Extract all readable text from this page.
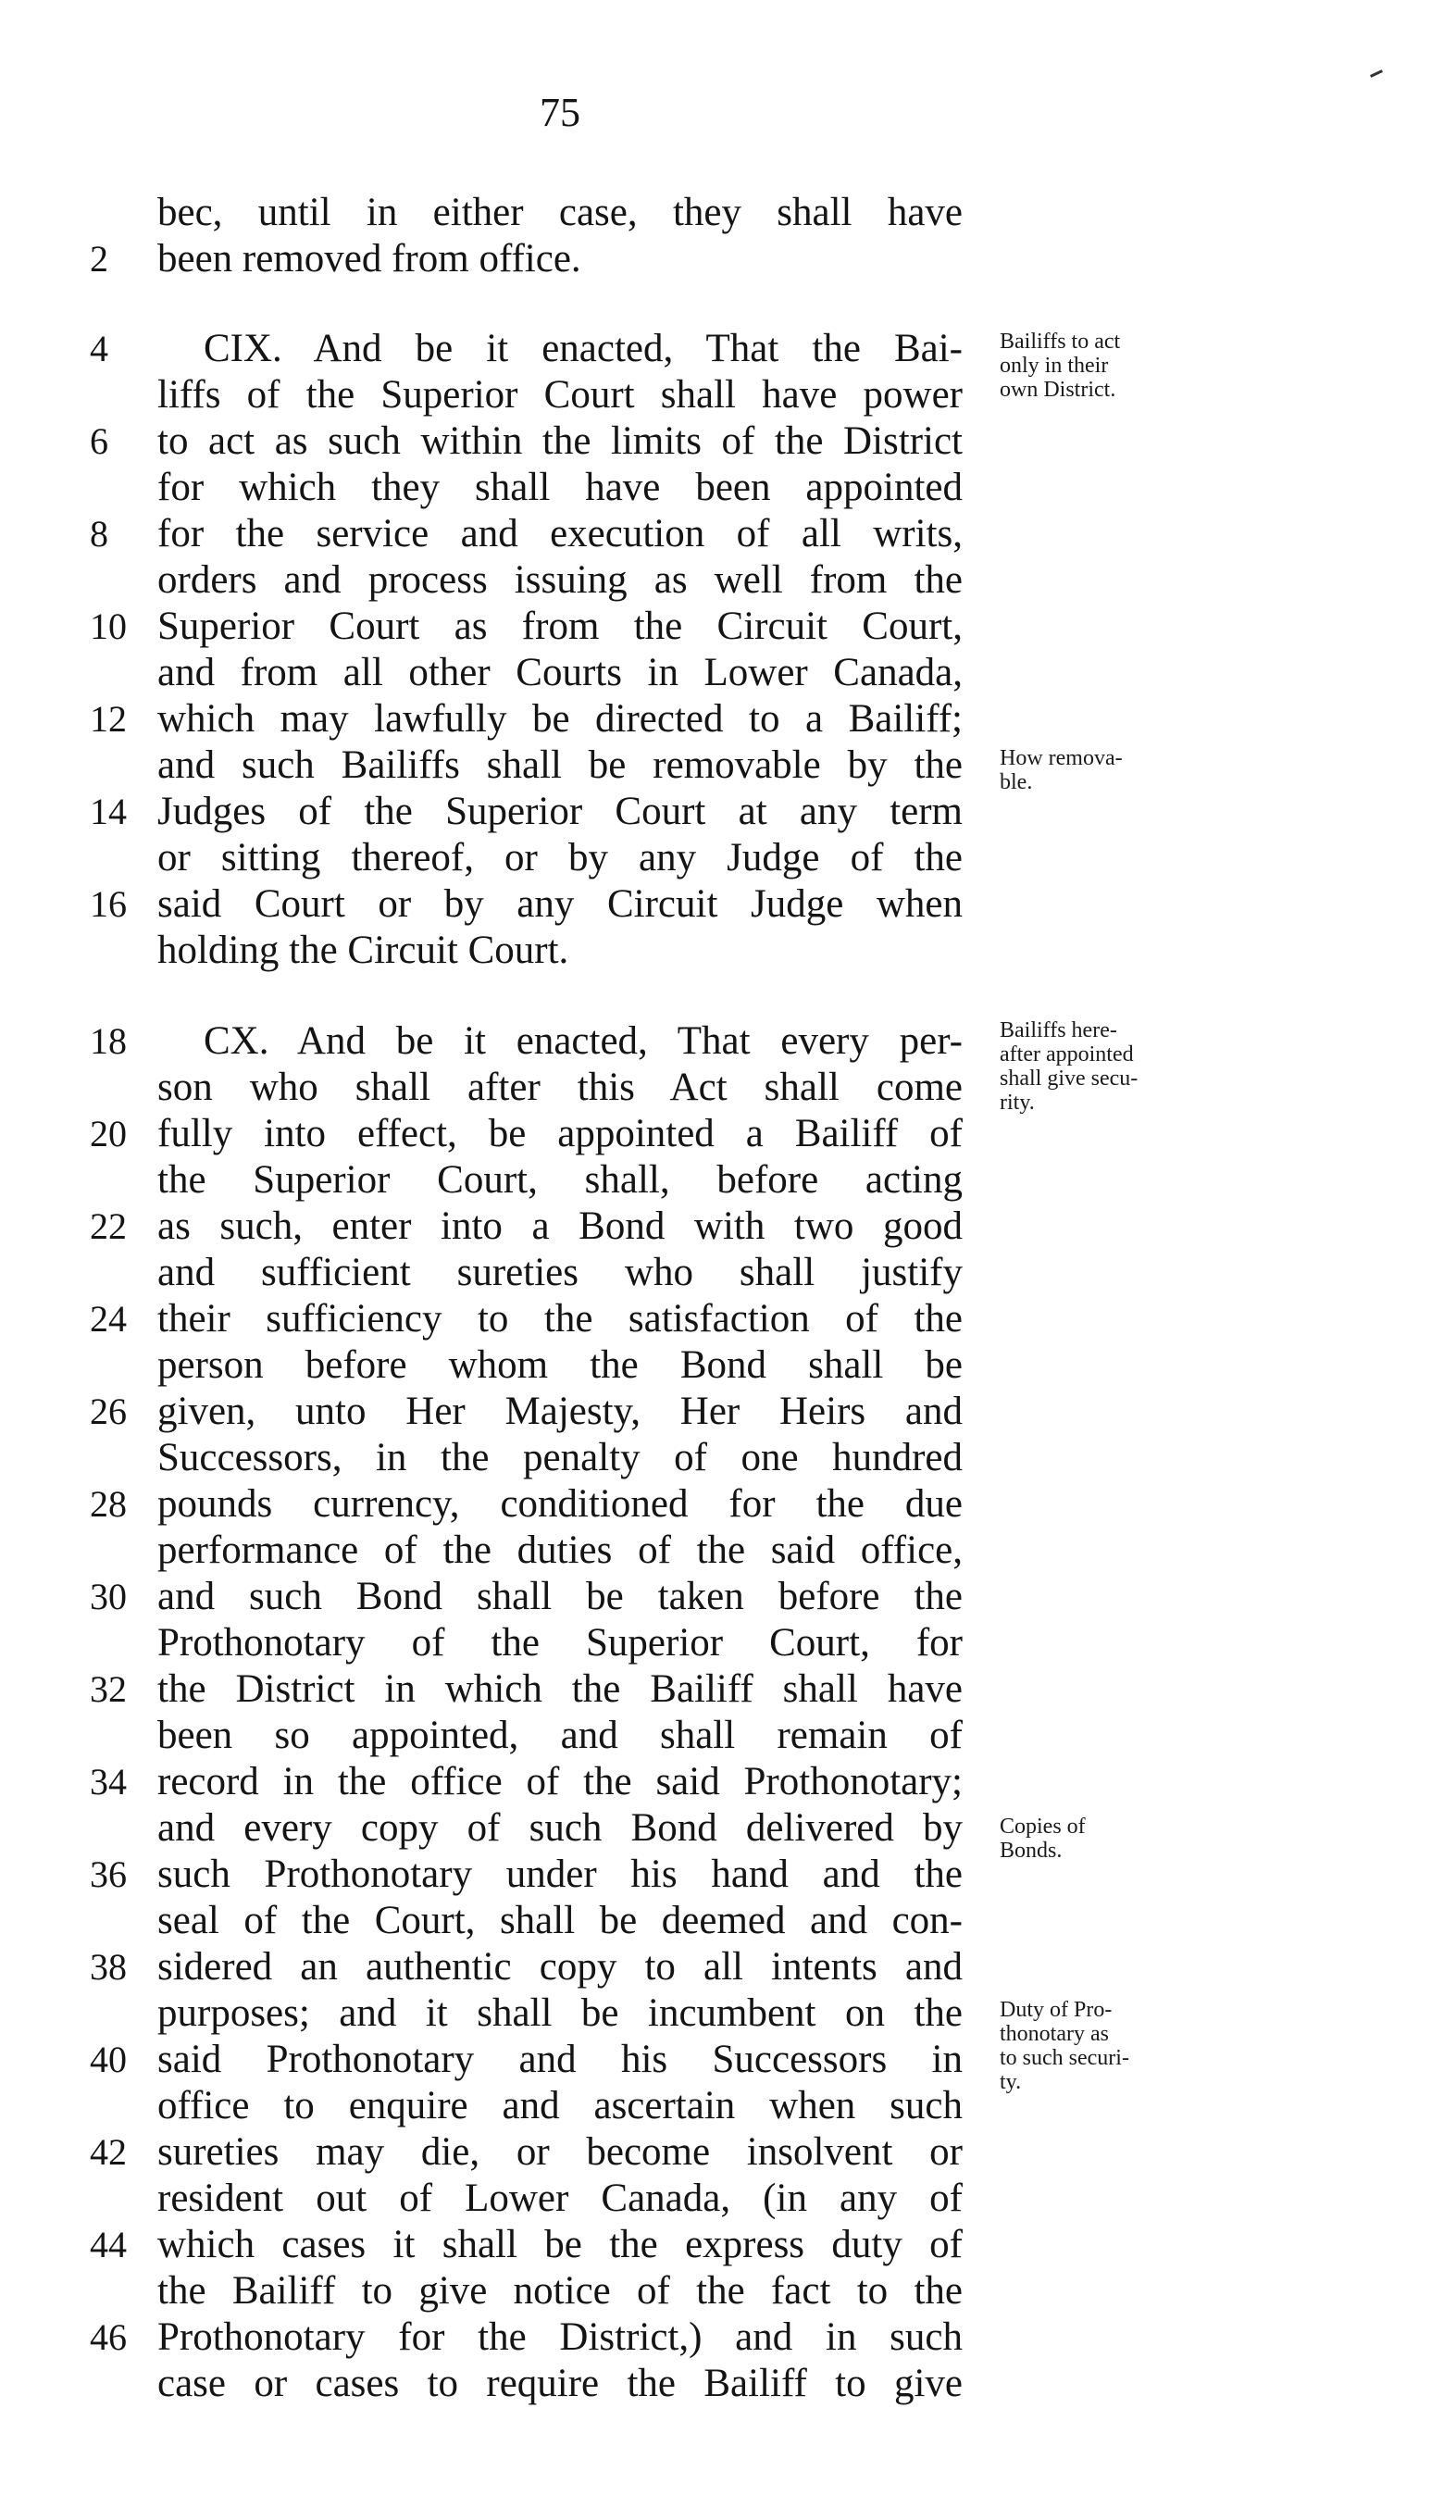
75
bec, until in either case, they shall have
2	been removed from office.
4	CIX. And be it enacted, That the Bai-
liffs of the Superior Court shall have power
6	to act as such within the limits of the District
for which they shall have been appointed
8	for the service and execution of all writs,
orders and process issuing as well from the
10 Superior Court as from the Circuit Court,
and from all other Courts in Lower Canada,
12 which may lawfully be directed to a Bailiff;
and such Bailiffs shall be removable by the
14 Judges of the Superior Court at any term
or sitting thereof, or by any Judge of the
16 said Court or by any Circuit Judge when
holding the Circuit Court.
18	CX. And be it enacted, That every per-
son who shall after this Act shall come
20 fully into effect, be appointed a Bailiff of
the Superior Court, shall, before acting
22 as such, enter into a Bond with two good
and sufficient sureties who shall justify
24 their sufficiency to the satisfaction of the
person before whom the Bond shall be
26 given, unto Her Majesty, Her Heirs and
Successors, in the penalty of one hundred
28 pounds currency, conditioned for the due
performance of the duties of the said office,
30 and such Bond shall be taken before the
Prothonotary of the Superior Court, for
32 the District in which the Bailiff shall have
been so appointed, and shall remain of
34 record in the office of the said Prothonotary;
and every copy of such Bond delivered by
36 such Prothonotary under his hand and the
seal of the Court, shall be deemed and con-
38 sidered an authentic copy to all intents and
purposes; and it shall be incumbent on the
40 said Prothonotary and his Successors in
office to enquire and ascertain when such
42 sureties may die, or become insolvent or
resident out of Lower Canada, (in any of
44 which cases it shall be the express duty of
the Bailiff to give notice of the fact to the
46 Prothonotary for the District,) and in such
case or cases to require the Bailiff to give
Bailiffs to act
only in their
own District.
How remova-
ble.
Bailiffs here-
after appointed
shall give secu-
rity.
Copies of
Bonds.
Duty of Pro-
thonotary as
to such securi-
ty.
